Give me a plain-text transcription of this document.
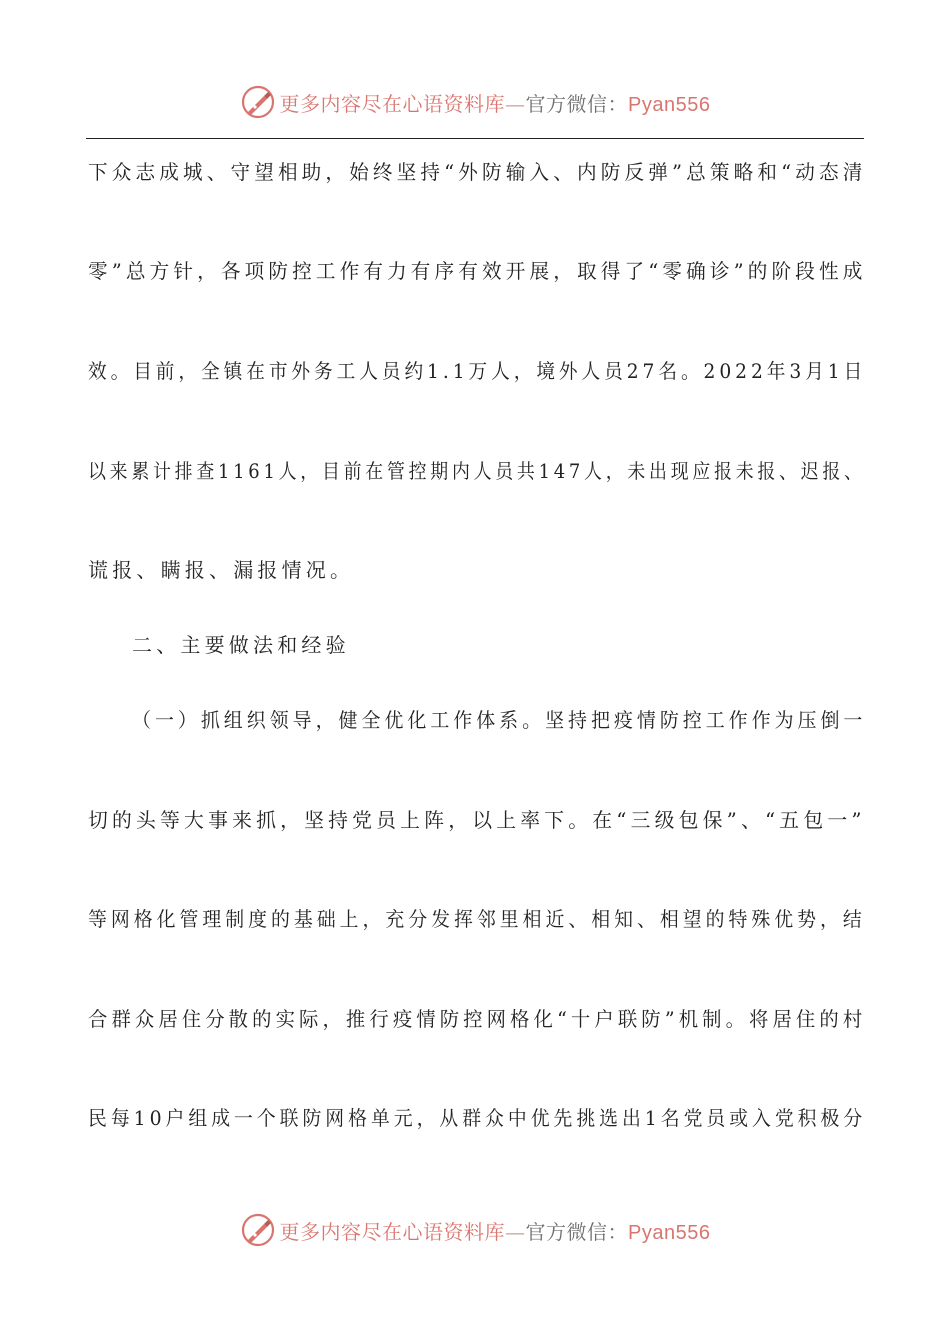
更多内容尽在心语资料库—官方微信：Pyan556
下众志成城、守望相助，始终坚持“外防输入、内防反弹”总策略和“动态清
零”总方针，各项防控工作有力有序有效开展，取得了“零确诊”的阶段性成
效。目前，全镇在市外务工人员约1.1万人，境外人员27名。2022年3月1日
以来累计排查1161人，目前在管控期内人员共147人，未出现应报未报、迟报、
谎报、瞒报、漏报情况。
二、主要做法和经验
（一）抓组织领导，健全优化工作体系。坚持把疫情防控工作作为压倒一
切的头等大事来抓，坚持党员上阵，以上率下。在“三级包保”、“五包一”
等网格化管理制度的基础上，充分发挥邻里相近、相知、相望的特殊优势，结
合群众居住分散的实际，推行疫情防控网格化“十户联防”机制。将居住的村
民每10户组成一个联防网格单元，从群众中优先挑选出1名党员或入党积极分
更多内容尽在心语资料库—官方微信：Pyan556
